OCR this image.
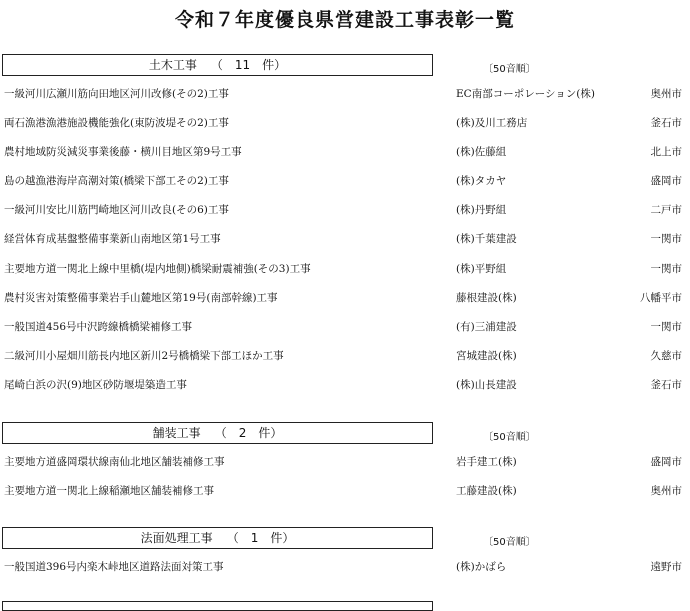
令和７年度優良県営建設工事表彰一覧
土木工事 （　11　件）	〔50音順〕
一級河川広瀬川筋向田地区河川改修(その2)工事	EC南部コーポレーション(株)	奥州市
両石漁港漁港施設機能強化(東防波堤その2)工事	(株)及川工務店	釜石市
農村地域防災減災事業後藤・横川目地区第9号工事	(株)佐藤組	北上市
島の越漁港海岸高潮対策(橋梁下部工その2)工事	(株)タカヤ	盛岡市
一級河川安比川筋門崎地区河川改良(その6)工事	(株)丹野組	二戸市
経営体育成基盤整備事業新山南地区第1号工事	(株)千葉建設	一関市
主要地方道一関北上線中里橋(堤内地側)橋梁耐震補強(その3)工事	(株)平野組	一関市
農村災害対策整備事業岩手山麓地区第19号(南部幹線)工事	藤根建設(株)	八幡平市
一般国道456号中沢跨線橋橋梁補修工事	(有)三浦建設	一関市
二級河川小屋畑川筋長内地区新川2号橋橋梁下部工ほか工事	宮城建設(株)	久慈市
尾崎白浜の沢(9)地区砂防堰堤築造工事	(株)山長建設	釜石市
舗装工事 （　2　件）	〔50音順〕
主要地方道盛岡環状線南仙北地区舗装補修工事	岩手建工(株)	盛岡市
主要地方道一関北上線稲瀬地区舗装補修工事	工藤建設(株)	奥州市
法面処理工事 （　1　件）	〔50音順〕
一般国道396号内楽木峠地区道路法面対策工事	(株)かばら	遠野市
